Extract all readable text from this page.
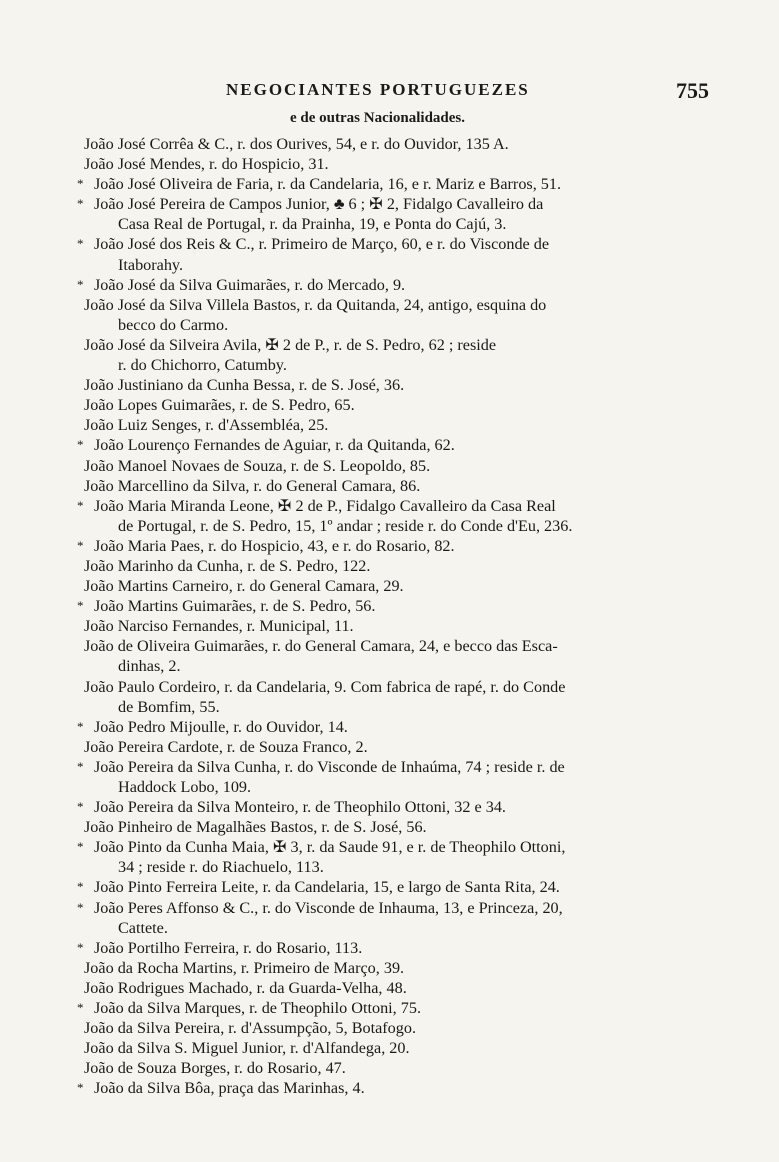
NEGOCIANTES PORTUGUEZES	755
e de outras Nacionalidades.
João José Corrêa & C., r. dos Ourives, 54, e r. do Ouvidor, 135 A.
João José Mendes, r. do Hospicio, 31.
* João José Oliveira de Faria, r. da Candelaria, 16, e r. Mariz e Barros, 51.
* João José Pereira de Campos Junior, ♣ 6 ; ✠ 2, Fidalgo Cavalleiro da
Casa Real de Portugal, r. da Prainha, 19, e Ponta do Cajú, 3.
* João José dos Reis & C., r. Primeiro de Março, 60, e r. do Visconde de
Itaborahy.
* João José da Silva Guimarães, r. do Mercado, 9.
João José da Silva Villela Bastos, r. da Quitanda, 24, antigo, esquina do
becco do Carmo.
João José da Silveira Avila, ✠ 2 de P., r. de S. Pedro, 62 ; reside
r. do Chichorro, Catumby.
João Justiniano da Cunha Bessa, r. de S. José, 36.
João Lopes Guimarães, r. de S. Pedro, 65.
João Luiz Senges, r. d'Assembléa, 25.
* João Lourenço Fernandes de Aguiar, r. da Quitanda, 62.
João Manoel Novaes de Souza, r. de S. Leopoldo, 85.
João Marcellino da Silva, r. do General Camara, 86.
* João Maria Miranda Leone, ✠ 2 de P., Fidalgo Cavalleiro da Casa Real
de Portugal, r. de S. Pedro, 15, 1º andar ; reside r. do Conde d'Eu, 236.
* João Maria Paes, r. do Hospicio, 43, e r. do Rosario, 82.
João Marinho da Cunha, r. de S. Pedro, 122.
João Martins Carneiro, r. do General Camara, 29.
* João Martins Guimarães, r. de S. Pedro, 56.
João Narciso Fernandes, r. Municipal, 11.
João de Oliveira Guimarães, r. do General Camara, 24, e becco das Esca-
dinhas, 2.
João Paulo Cordeiro, r. da Candelaria, 9. Com fabrica de rapé, r. do Conde
de Bomfim, 55.
* João Pedro Mijoulle, r. do Ouvidor, 14.
João Pereira Cardote, r. de Souza Franco, 2.
* João Pereira da Silva Cunha, r. do Visconde de Inhaúma, 74 ; reside r. de
Haddock Lobo, 109.
* João Pereira da Silva Monteiro, r. de Theophilo Ottoni, 32 e 34.
João Pinheiro de Magalhães Bastos, r. de S. José, 56.
* João Pinto da Cunha Maia, ✠ 3, r. da Saude 91, e r. de Theophilo Ottoni,
34 ; reside r. do Riachuelo, 113.
* João Pinto Ferreira Leite, r. da Candelaria, 15, e largo de Santa Rita, 24.
* João Peres Affonso & C., r. do Visconde de Inhauma, 13, e Princeza, 20,
Cattete.
* João Portilho Ferreira, r. do Rosario, 113.
João da Rocha Martins, r. Primeiro de Março, 39.
João Rodrigues Machado, r. da Guarda-Velha, 48.
* João da Silva Marques, r. de Theophilo Ottoni, 75.
João da Silva Pereira, r. d'Assumpção, 5, Botafogo.
João da Silva S. Miguel Junior, r. d'Alfandega, 20.
João de Souza Borges, r. do Rosario, 47.
* João da Silva Bôa, praça das Marinhas, 4.
